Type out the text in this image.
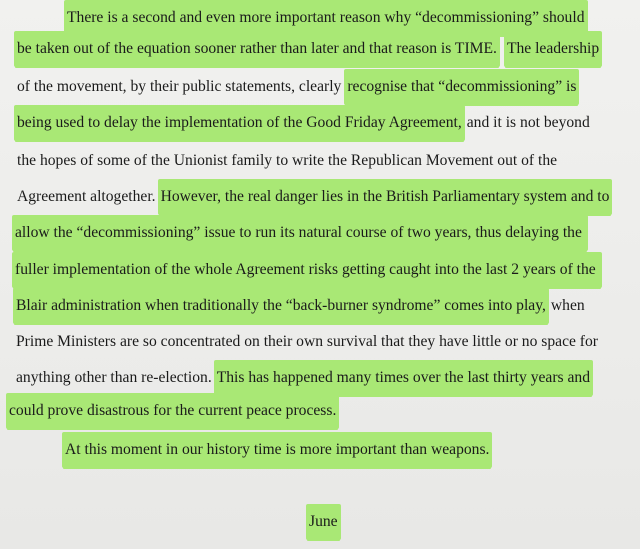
There is a second and even more important reason why “decommissioning” should
be taken out of the equation sooner rather than later and that reason is TIME. The leadership
of the movement, by their public statements, clearly recognise that “decommissioning” is
being used to delay the implementation of the Good Friday Agreement, and it is not beyond
the hopes of some of the Unionist family to write the Republican Movement out of the
Agreement altogether. However, the real danger lies in the British Parliamentary system and to
allow the “decommissioning” issue to run its natural course of two years, thus delaying the
fuller implementation of the whole Agreement risks getting caught into the last 2 years of the
Blair administration when traditionally the “back-burner syndrome” comes into play, when
Prime Ministers are so concentrated on their own survival that they have little or no space for
anything other than re-election. This has happened many times over the last thirty years and
could prove disastrous for the current peace process.
At this moment in our history time is more important than weapons.
June
